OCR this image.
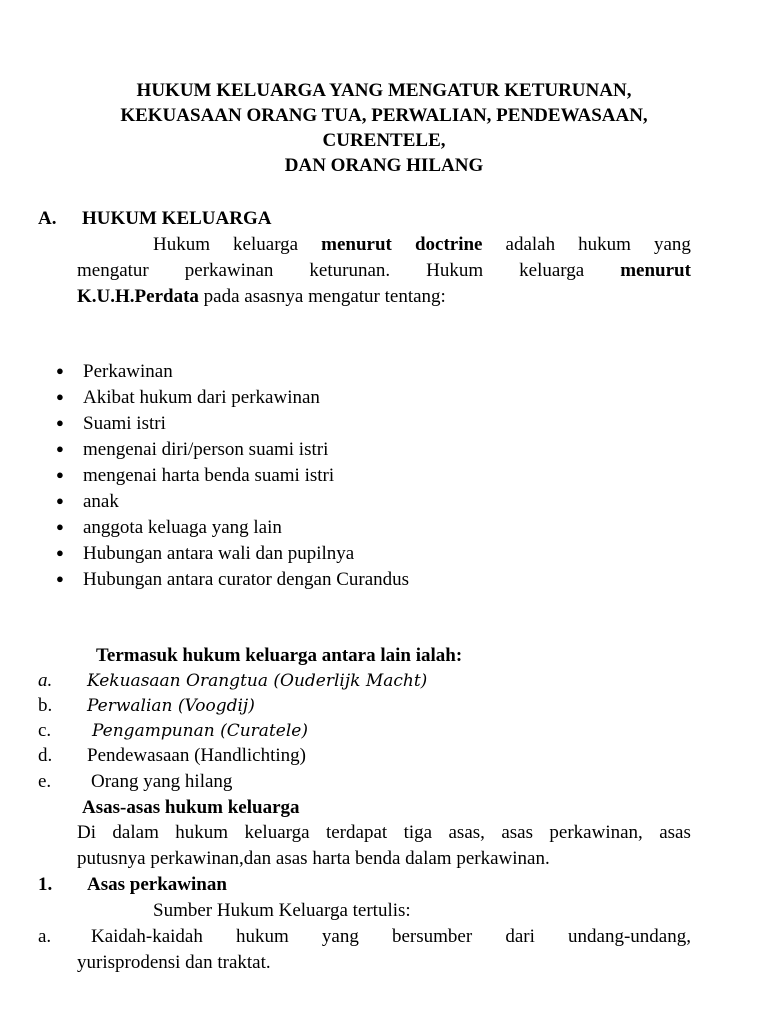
HUKUM KELUARGA YANG MENGATUR KETURUNAN,
KEKUASAAN ORANG TUA, PERWALIAN, PENDEWASAAN,
CURENTELE,
DAN ORANG HILANG
A. HUKUM KELUARGA
Hukum keluarga menurut doctrine adalah hukum yang
mengatur perkawinan keturunan. Hukum keluarga menurut
K.U.H.Perdata pada asasnya mengatur tentang:
● Perkawinan
● Akibat hukum dari perkawinan
● Suami istri
● mengenai diri/person suami istri
● mengenai harta benda suami istri
● anak
● anggota keluaga yang lain
● Hubungan antara wali dan pupilnya
● Hubungan antara curator dengan Curandus
Termasuk hukum keluarga antara lain ialah:
a. Kekuasaan Orangtua (Ouderlijk Macht)
b. Perwalian (Voogdij)
c. Pengampunan (Curatele)
d. Pendewasaan (Handlichting)
e. Orang yang hilang
Asas-asas hukum keluarga
Di dalam hukum keluarga terdapat tiga asas, asas perkawinan, asas
putusnya perkawinan,dan asas harta benda dalam perkawinan.
1. Asas perkawinan
Sumber Hukum Keluarga tertulis:
a. Kaidah-kaidah hukum yang bersumber dari undang-undang,
yurisprodensi dan traktat.
